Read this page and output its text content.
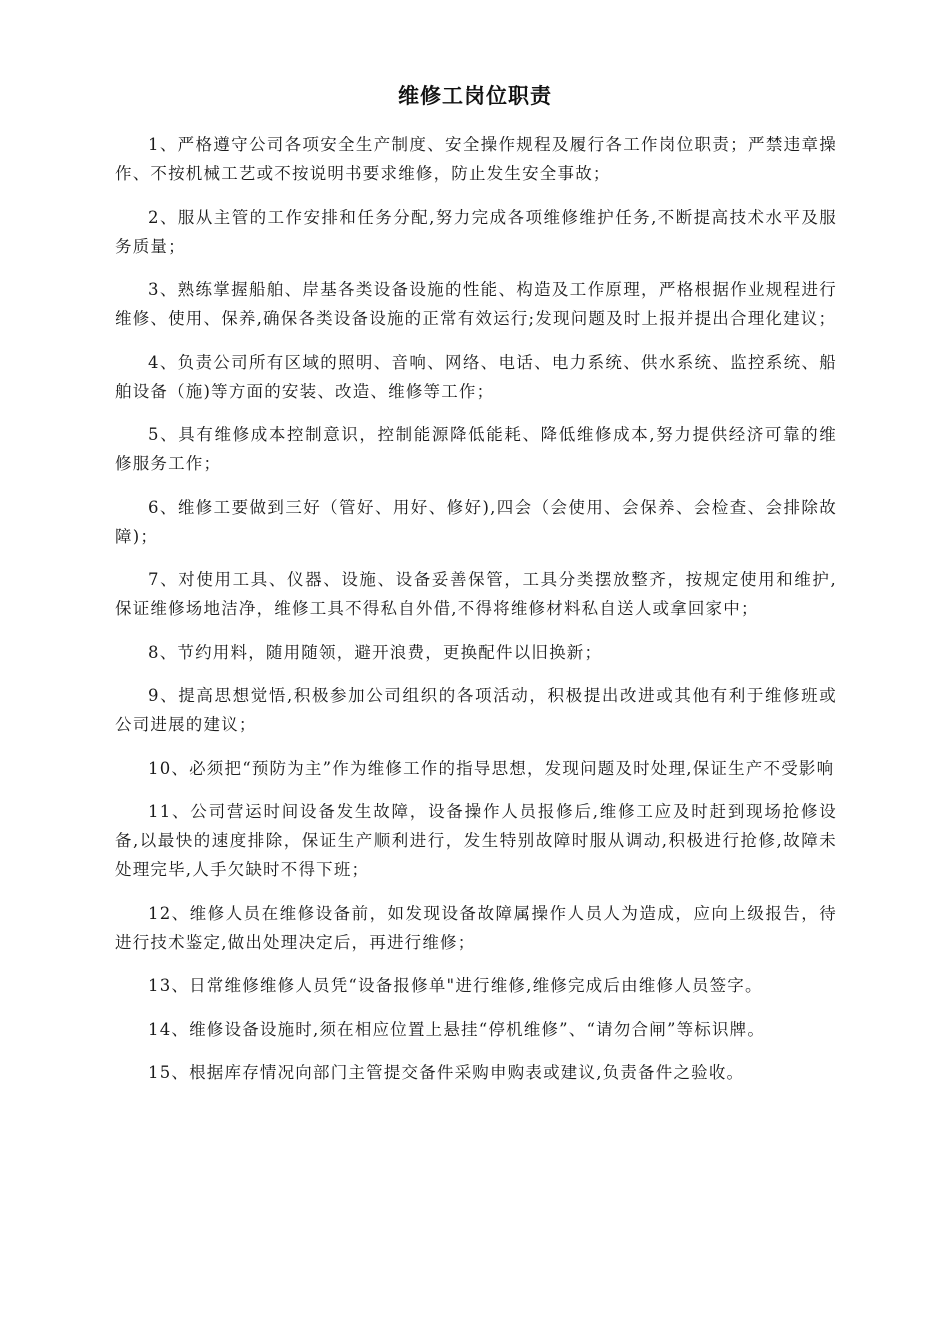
维修工岗位职责

1、严格遵守公司各项安全生产制度、安全操作规程及履行各工作岗位职责；严禁违章操作、不按机械工艺或不按说明书要求维修，防止发生安全事故；

2、服从主管的工作安排和任务分配,努力完成各项维修维护任务,不断提高技术水平及服务质量；

3、熟练掌握船舶、岸基各类设备设施的性能、构造及工作原理，严格根据作业规程进行维修、使用、保养,确保各类设备设施的正常有效运行;发现问题及时上报并提出合理化建议；

4、负责公司所有区域的照明、音响、网络、电话、电力系统、供水系统、监控系统、船舶设备（施)等方面的安装、改造、维修等工作；

5、具有维修成本控制意识，控制能源降低能耗、降低维修成本,努力提供经济可靠的维修服务工作；

6、维修工要做到三好（管好、用好、修好),四会（会使用、会保养、会检查、会排除故障)；

7、对使用工具、仪器、设施、设备妥善保管，工具分类摆放整齐，按规定使用和维护,保证维修场地洁净，维修工具不得私自外借,不得将维修材料私自送人或拿回家中；

8、节约用料，随用随领，避开浪费，更换配件以旧换新；

9、提高思想觉悟,积极参加公司组织的各项活动，积极提出改进或其他有利于维修班或公司进展的建议；

10、必须把“预防为主”作为维修工作的指导思想，发现问题及时处理,保证生产不受影响

11、公司营运时间设备发生故障，设备操作人员报修后,维修工应及时赶到现场抢修设备,以最快的速度排除，保证生产顺利进行，发生特别故障时服从调动,积极进行抢修,故障未处理完毕,人手欠缺时不得下班；

12、维修人员在维修设备前，如发现设备故障属操作人员人为造成，应向上级报告，待进行技术鉴定,做出处理决定后，再进行维修；

13、日常维修维修人员凭“设备报修单"进行维修,维修完成后由维修人员签字。

14、维修设备设施时,须在相应位置上悬挂“停机维修”、“请勿合闸”等标识牌。

15、根据库存情况向部门主管提交备件采购申购表或建议,负责备件之验收。
